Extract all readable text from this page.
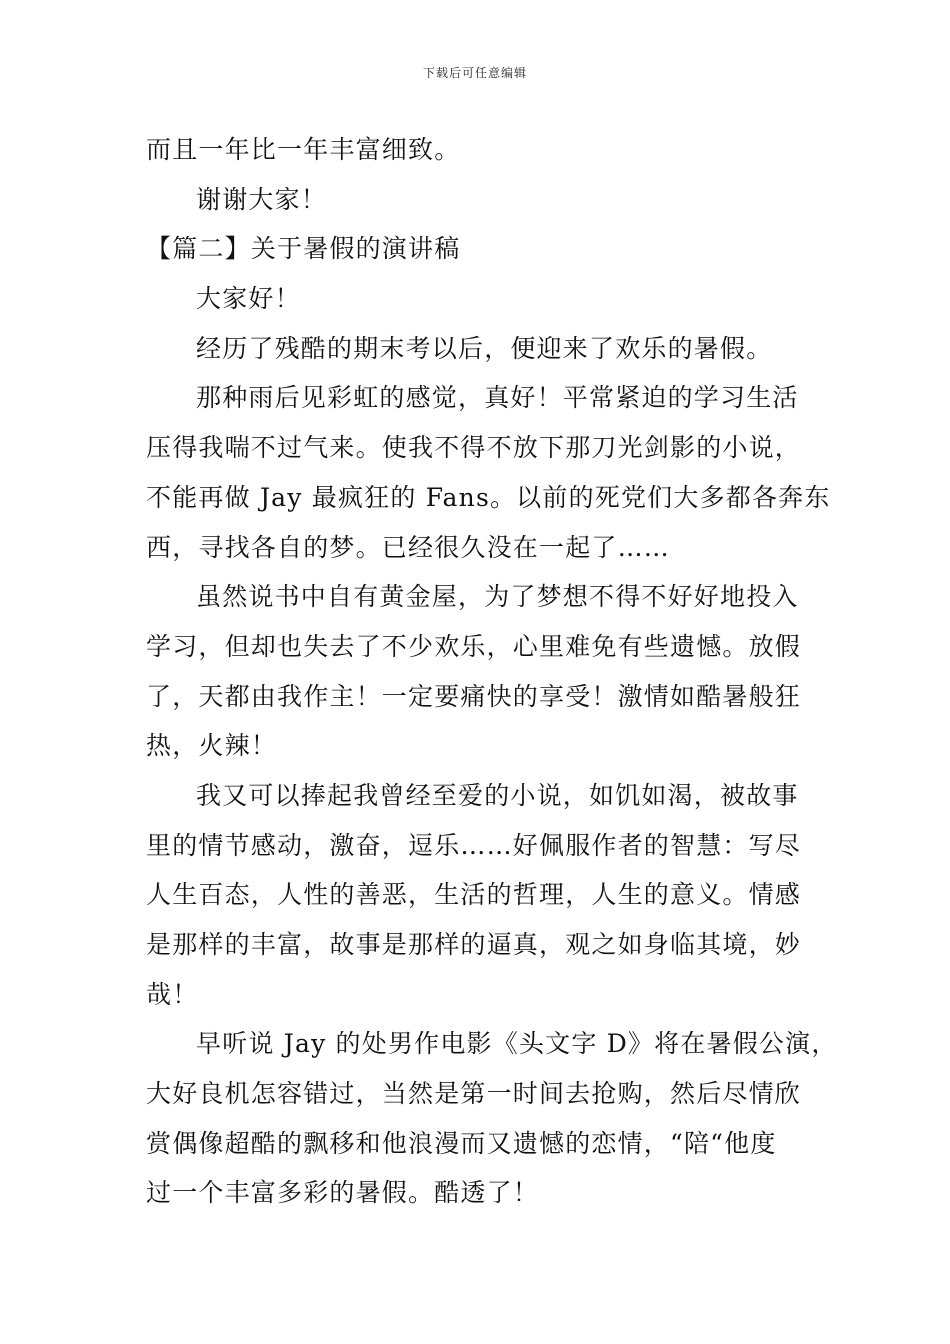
下载后可任意编辑
而且一年比一年丰富细致。
谢谢大家！
【篇二】关于暑假的演讲稿
大家好！
经历了残酷的期末考以后，便迎来了欢乐的暑假。
那种雨后见彩虹的感觉，真好！平常紧迫的学习生活
压得我喘不过气来。使我不得不放下那刀光剑影的小说，
不能再做 Jay 最疯狂的 Fans。以前的死党们大多都各奔东
西，寻找各自的梦。已经很久没在一起了……
虽然说书中自有黄金屋，为了梦想不得不好好地投入
学习，但却也失去了不少欢乐，心里难免有些遗憾。放假
了，天都由我作主！一定要痛快的享受！激情如酷暑般狂
热，火辣！
我又可以捧起我曾经至爱的小说，如饥如渴，被故事
里的情节感动，激奋，逗乐……好佩服作者的智慧：写尽
人生百态，人性的善恶，生活的哲理，人生的意义。情感
是那样的丰富，故事是那样的逼真，观之如身临其境，妙
哉！
早听说 Jay 的处男作电影《头文字 D》将在暑假公演，
大好良机怎容错过，当然是第一时间去抢购，然后尽情欣
赏偶像超酷的飘移和他浪漫而又遗憾的恋情，“陪“他度
过一个丰富多彩的暑假。酷透了！
